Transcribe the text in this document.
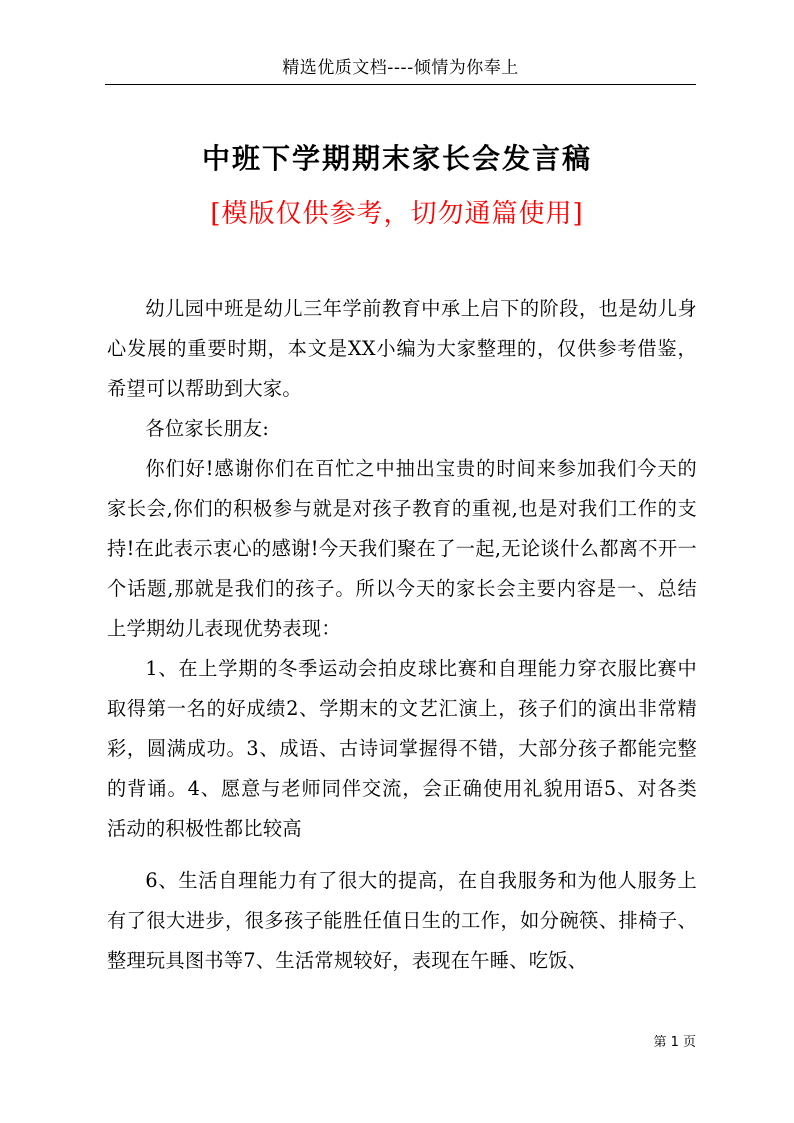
精选优质文档----倾情为你奉上
中班下学期期末家长会发言稿
[模版仅供参考，切勿通篇使用]

幼儿园中班是幼儿三年学前教育中承上启下的阶段，也是幼儿身心发展的重要时期，本文是XX小编为大家整理的，仅供参考借鉴，希望可以帮助到大家。

各位家长朋友:

你们好!感谢你们在百忙之中抽出宝贵的时间来参加我们今天的家长会,你们的积极参与就是对孩子教育的重视,也是对我们工作的支持!在此表示衷心的感谢!今天我们聚在了一起,无论谈什么都离不开一个话题,那就是我们的孩子。所以今天的家长会主要内容是一、总结上学期幼儿表现优势表现：

1、在上学期的冬季运动会拍皮球比赛和自理能力穿衣服比赛中取得第一名的好成绩2、学期末的文艺汇演上，孩子们的演出非常精彩，圆满成功。3、成语、古诗词掌握得不错，大部分孩子都能完整的背诵。4、愿意与老师同伴交流，会正确使用礼貌用语5、对各类活动的积极性都比较高

6、生活自理能力有了很大的提高，在自我服务和为他人服务上有了很大进步，很多孩子能胜任值日生的工作，如分碗筷、排椅子、整理玩具图书等7、生活常规较好，表现在午睡、吃饭、

第 1 页
